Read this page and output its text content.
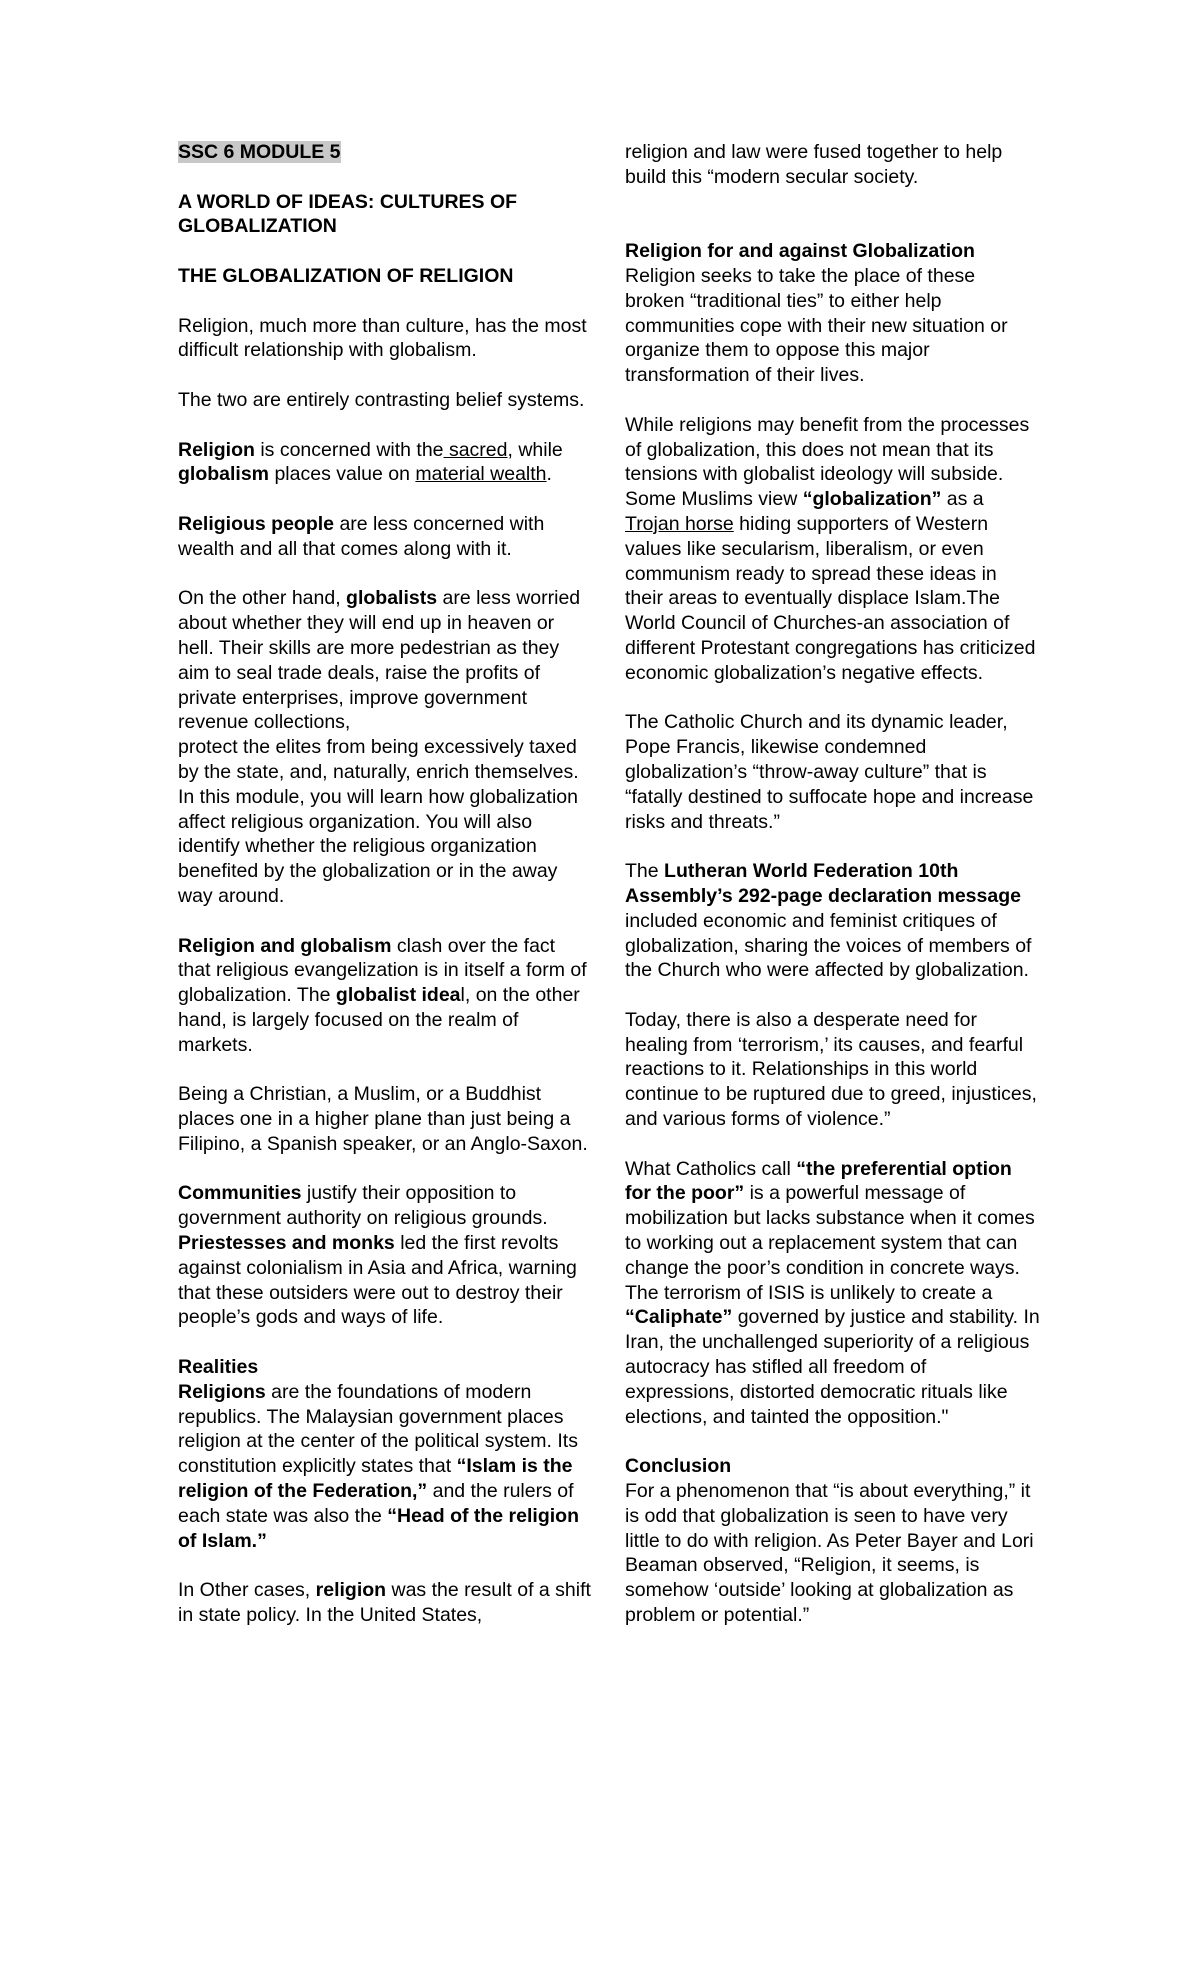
SSC 6 MODULE 5

A WORLD OF IDEAS: CULTURES OF GLOBALIZATION

THE GLOBALIZATION OF RELIGION

Religion, much more than culture, has the most difficult relationship with globalism.

The two are entirely contrasting belief systems.

Religion is concerned with the sacred, while globalism places value on material wealth.

Religious people are less concerned with wealth and all that comes along with it.

On the other hand, globalists are less worried about whether they will end up in heaven or hell. Their skills are more pedestrian as they aim to seal trade deals, raise the profits of private enterprises, improve government revenue collections,
protect the elites from being excessively taxed by the state, and, naturally, enrich themselves. In this module, you will learn how globalization affect religious organization. You will also identify whether the religious organization benefited by the globalization or in the away way around.

Religion and globalism clash over the fact that religious evangelization is in itself a form of globalization. The globalist ideal, on the other hand, is largely focused on the realm of markets.

Being a Christian, a Muslim, or a Buddhist places one in a higher plane than just being a Filipino, a Spanish speaker, or an Anglo-Saxon.

Communities justify their opposition to government authority on religious grounds. Priestesses and monks led the first revolts against colonialism in Asia and Africa, warning that these outsiders were out to destroy their people’s gods and ways of life.

Realities
Religions are the foundations of modern republics. The Malaysian government places religion at the center of the political system. Its constitution explicitly states that “Islam is the religion of the Federation,” and the rulers of each state was also the “Head of the religion of Islam.”

In Other cases, religion was the result of a shift in state policy. In the United States,

religion and law were fused together to help build this “modern secular society.

Religion for and against Globalization
Religion seeks to take the place of these broken “traditional ties” to either help communities cope with their new situation or organize them to oppose this major transformation of their lives.

While religions may benefit from the processes of globalization, this does not mean that its tensions with globalist ideology will subside. Some Muslims view “globalization” as a Trojan horse hiding supporters of Western values like secularism, liberalism, or even communism ready to spread these ideas in their areas to eventually displace Islam.The World Council of Churches-an association of different Protestant congregations has criticized economic globalization’s negative effects.

The Catholic Church and its dynamic leader, Pope Francis, likewise condemned globalization’s “throw-away culture” that is “fatally destined to suffocate hope and increase risks and threats.”

The Lutheran World Federation 10th Assembly’s 292-page declaration message included economic and feminist critiques of globalization, sharing the voices of members of the Church who were affected by globalization.

Today, there is also a desperate need for healing from ‘terrorism,’ its causes, and fearful reactions to it. Relationships in this world continue to be ruptured due to greed, injustices, and various forms of violence.”

What Catholics call “the preferential option for the poor” is a powerful message of mobilization but lacks substance when it comes to working out a replacement system that can change the poor’s condition in concrete ways. The terrorism of ISIS is unlikely to create a “Caliphate” governed by justice and stability. In Iran, the unchallenged superiority of a religious autocracy has stifled all freedom of expressions, distorted democratic rituals like elections, and tainted the opposition."

Conclusion
For a phenomenon that “is about everything,” it is odd that globalization is seen to have very little to do with religion. As Peter Bayer and Lori Beaman observed, “Religion, it seems, is somehow ‘outside’ looking at globalization as problem or potential.”
